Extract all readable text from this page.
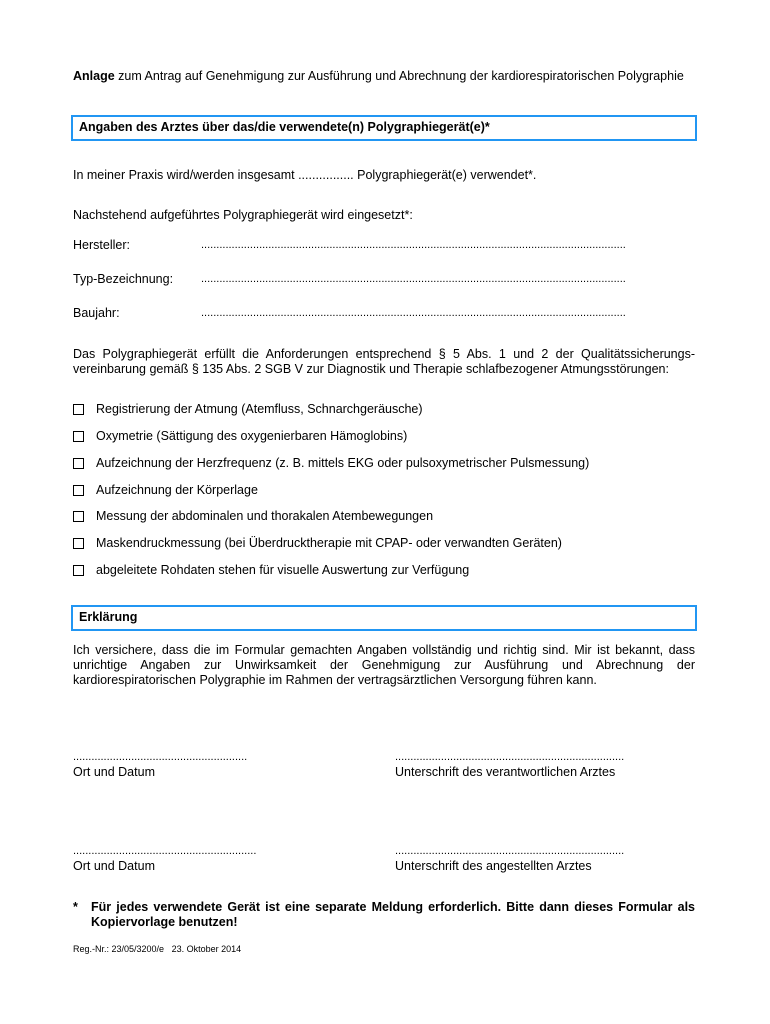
Anlage zum Antrag auf Genehmigung zur Ausführung und Abrechnung der kardiorespiratorischen Polygraphie
Angaben des Arztes über das/die verwendete(n) Polygraphiegerät(e)*
In meiner Praxis wird/werden insgesamt ................ Polygraphiegerät(e) verwendet*.
Nachstehend aufgeführtes Polygraphiegerät wird eingesetzt*:
Hersteller:	...........................................................................................................................................
Typ-Bezeichnung:	...........................................................................................................................................
Baujahr:	...........................................................................................................................................
Das Polygraphiegerät erfüllt die Anforderungen entsprechend § 5 Abs. 1 und 2 der Qualitätssicherungs-vereinbarung gemäß § 135 Abs. 2 SGB V zur Diagnostik und Therapie schlafbezogener Atmungsstörungen:
Registrierung der Atmung (Atemfluss, Schnarchgeräusche)
Oxymetrie (Sättigung des oxygenierbaren Hämoglobins)
Aufzeichnung der Herzfrequenz (z. B. mittels EKG oder pulsoxymetrischer Pulsmessung)
Aufzeichnung der Körperlage
Messung der abdominalen und thorakalen Atembewegungen
Maskendruckmessung (bei Überdrucktherapie mit CPAP- oder verwandten Geräten)
abgeleitete Rohdaten stehen für visuelle Auswertung zur Verfügung
Erklärung
Ich versichere, dass die im Formular gemachten Angaben vollständig und richtig sind. Mir ist bekannt, dass unrichtige Angaben zur Unwirksamkeit der Genehmigung zur Ausführung und Abrechnung der kardiorespiratorischen Polygraphie im Rahmen der vertragsärztlichen Versorgung führen kann.
.........................................................
Ort und Datum
...........................................................................
Unterschrift des verantwortlichen Arztes
............................................................
Ort und Datum
...........................................................................
Unterschrift des angestellten Arztes
* Für jedes verwendete Gerät ist eine separate Meldung erforderlich. Bitte dann dieses Formular als Kopiervorlage benutzen!
Reg.-Nr.: 23/05/3200/e 23. Oktober 2014
